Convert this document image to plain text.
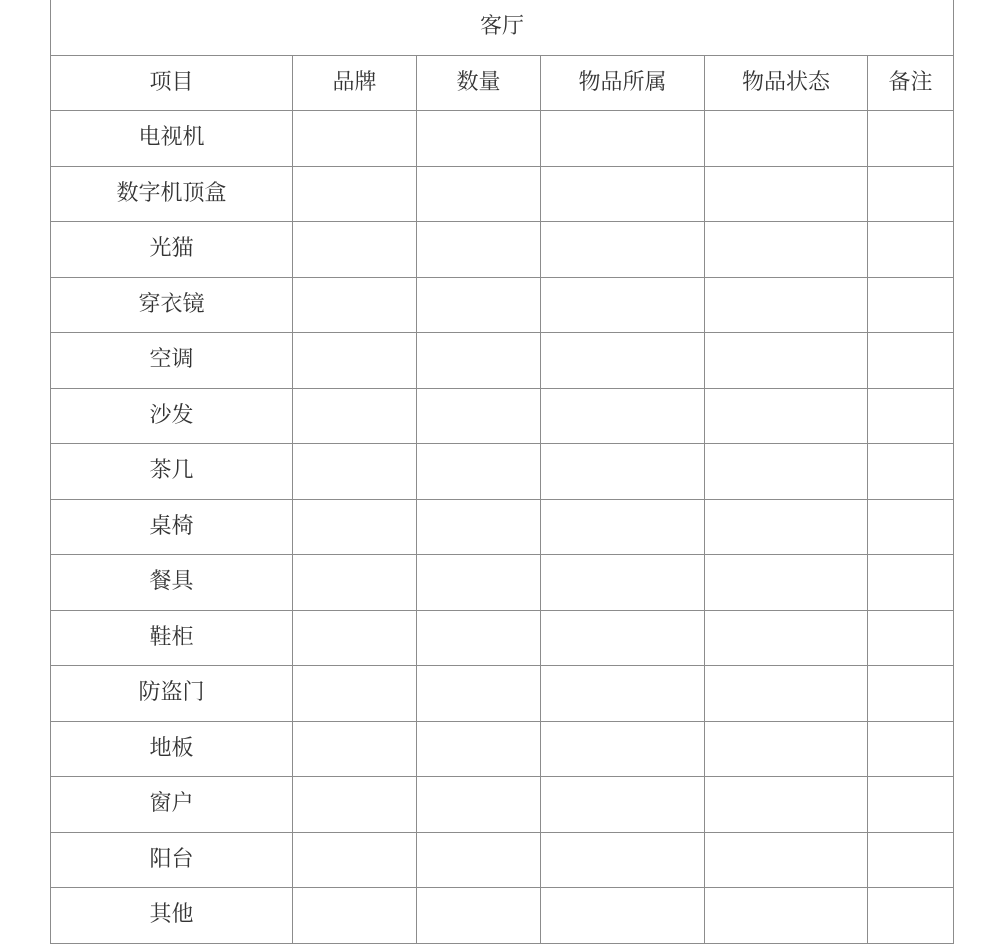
客厅					
项目	品牌	数量	物品所属	物品状态	备注
电视机					
数字机顶盒					
光猫					
穿衣镜					
空调					
沙发					
茶几					
桌椅					
餐具					
鞋柜					
防盗门					
地板					
窗户					
阳台					
其他					
